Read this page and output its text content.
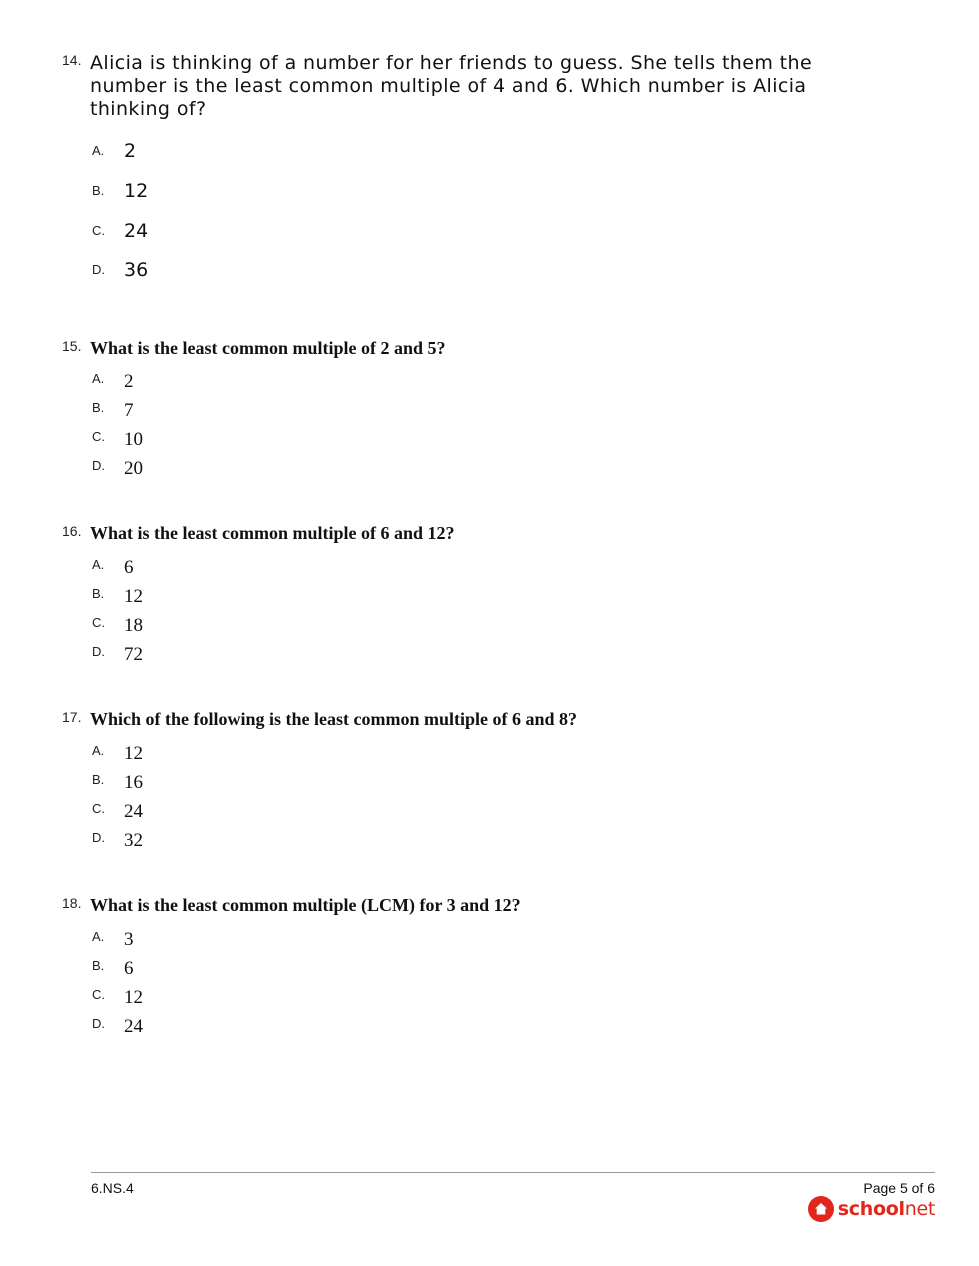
14. Alicia is thinking of a number for her friends to guess. She tells them the number is the least common multiple of 4 and 6. Which number is Alicia thinking of?
A. 2
B. 12
C. 24
D. 36
15. What is the least common multiple of 2 and 5?
A. 2
B. 7
C. 10
D. 20
16. What is the least common multiple of 6 and 12?
A. 6
B. 12
C. 18
D. 72
17. Which of the following is the least common multiple of 6 and 8?
A. 12
B. 16
C. 24
D. 32
18. What is the least common multiple (LCM) for 3 and 12?
A. 3
B. 6
C. 12
D. 24
6.NS.4	Page 5 of 6
schoolnet
